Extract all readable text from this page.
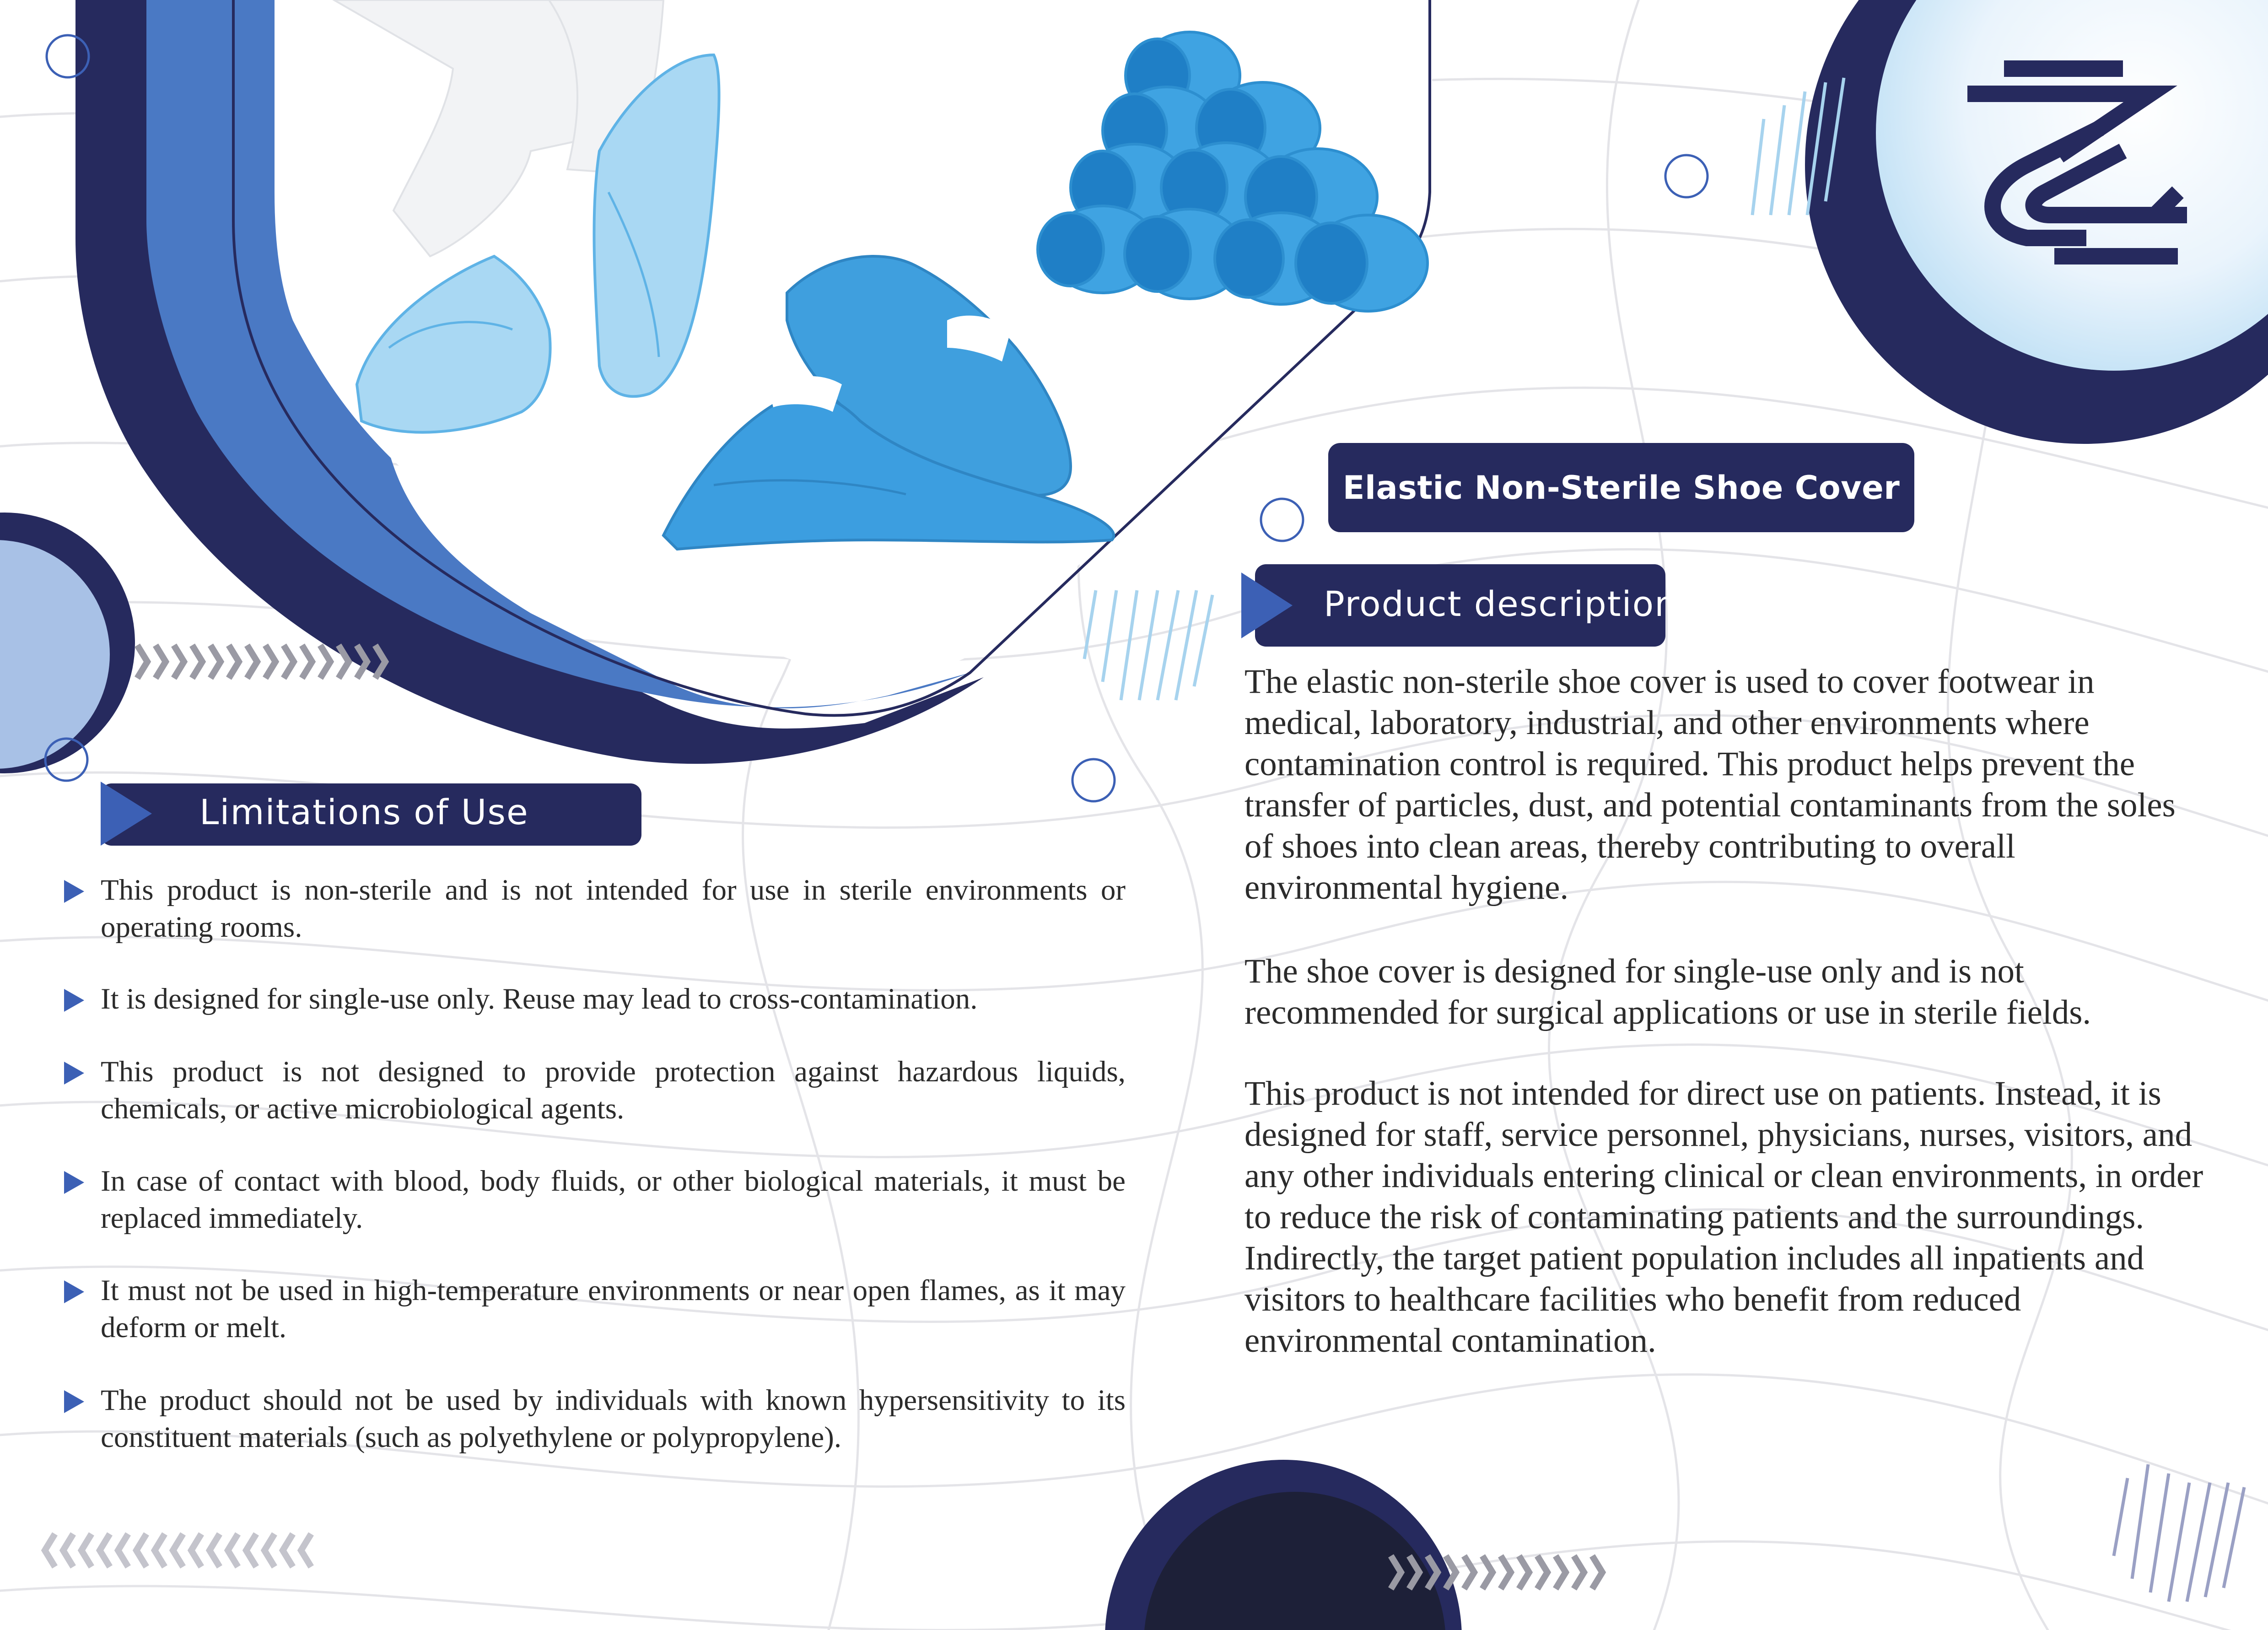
Elastic Non-Sterile Shoe Cover
Product description

The elastic non-sterile shoe cover is used to cover footwear in medical, laboratory, industrial, and other environments where contamination control is required. This product helps prevent the transfer of particles, dust, and potential contaminants from the soles of shoes into clean areas, thereby contributing to overall environmental hygiene.

The shoe cover is designed for single-use only and is not recommended for surgical applications or use in sterile fields.

This product is not intended for direct use on patients. Instead, it is designed for staff, service personnel, physicians, nurses, visitors, and any other individuals entering clinical or clean environments, in order to reduce the risk of contaminating patients and the surroundings. Indirectly, the target patient population includes all inpatients and visitors to healthcare facilities who benefit from reduced environmental contamination.

Limitations of Use
This product is non-sterile and is not intended for use in sterile environments or operating rooms.
It is designed for single-use only. Reuse may lead to cross-contamination.
This product is not designed to provide protection against hazardous liquids, chemicals, or active microbiological agents.
In case of contact with blood, body fluids, or other biological materials, it must be replaced immediately.
It must not be used in high-temperature environments or near open flames, as it may deform or melt.
The product should not be used by individuals with known hypersensitivity to its constituent materials (such as polyethylene or polypropylene).
